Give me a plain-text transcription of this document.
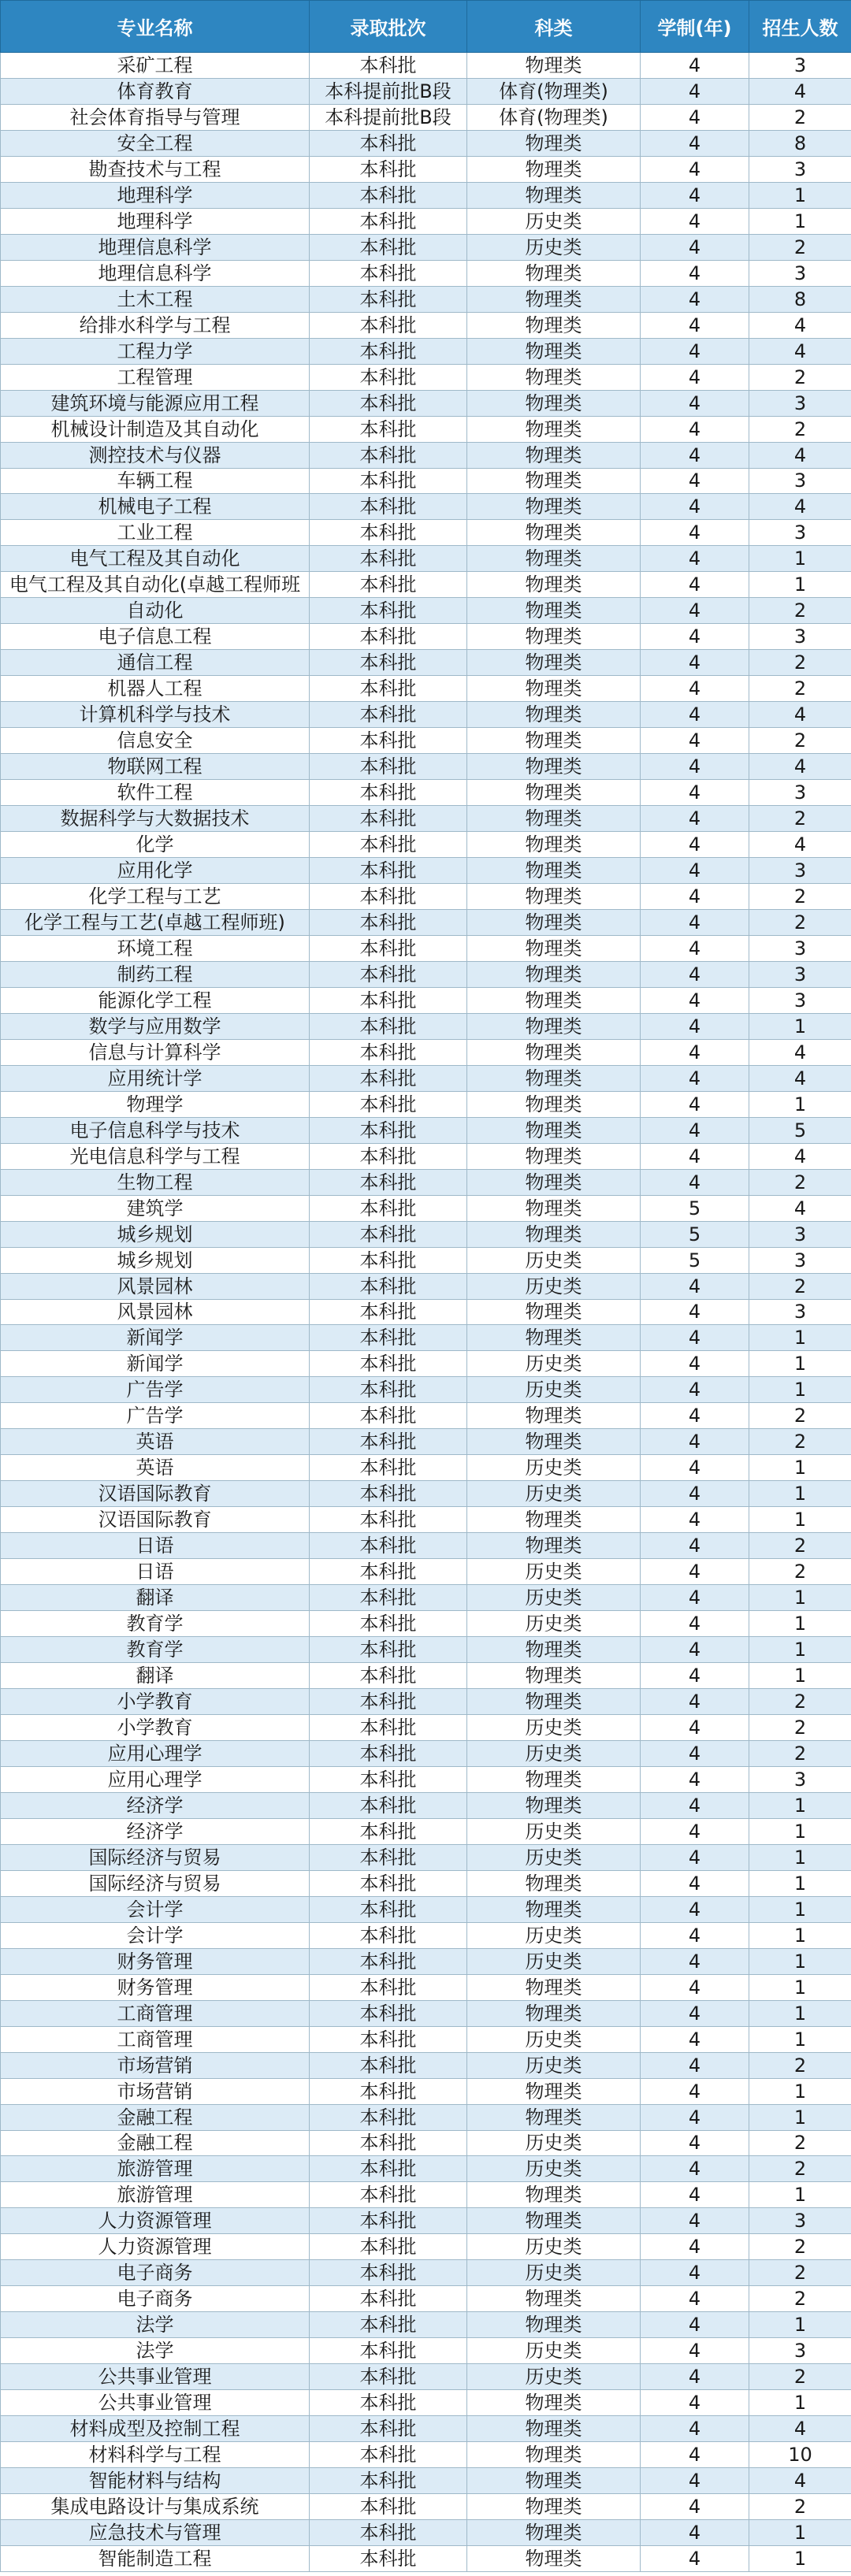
专业名称	录取批次	科类	学制(年)	招生人数
采矿工程	本科批	物理类	4	3
体育教育	本科提前批B段	体育(物理类)	4	4
社会体育指导与管理	本科提前批B段	体育(物理类)	4	2
安全工程	本科批	物理类	4	8
勘查技术与工程	本科批	物理类	4	3
地理科学	本科批	物理类	4	1
地理科学	本科批	历史类	4	1
地理信息科学	本科批	历史类	4	2
地理信息科学	本科批	物理类	4	3
土木工程	本科批	物理类	4	8
给排水科学与工程	本科批	物理类	4	4
工程力学	本科批	物理类	4	4
工程管理	本科批	物理类	4	2
建筑环境与能源应用工程	本科批	物理类	4	3
机械设计制造及其自动化	本科批	物理类	4	2
测控技术与仪器	本科批	物理类	4	4
车辆工程	本科批	物理类	4	3
机械电子工程	本科批	物理类	4	4
工业工程	本科批	物理类	4	3
电气工程及其自动化	本科批	物理类	4	1
电气工程及其自动化(卓越工程师班	本科批	物理类	4	1
自动化	本科批	物理类	4	2
电子信息工程	本科批	物理类	4	3
通信工程	本科批	物理类	4	2
机器人工程	本科批	物理类	4	2
计算机科学与技术	本科批	物理类	4	4
信息安全	本科批	物理类	4	2
物联网工程	本科批	物理类	4	4
软件工程	本科批	物理类	4	3
数据科学与大数据技术	本科批	物理类	4	2
化学	本科批	物理类	4	4
应用化学	本科批	物理类	4	3
化学工程与工艺	本科批	物理类	4	2
化学工程与工艺(卓越工程师班)	本科批	物理类	4	2
环境工程	本科批	物理类	4	3
制药工程	本科批	物理类	4	3
能源化学工程	本科批	物理类	4	3
数学与应用数学	本科批	物理类	4	1
信息与计算科学	本科批	物理类	4	4
应用统计学	本科批	物理类	4	4
物理学	本科批	物理类	4	1
电子信息科学与技术	本科批	物理类	4	5
光电信息科学与工程	本科批	物理类	4	4
生物工程	本科批	物理类	4	2
建筑学	本科批	物理类	5	4
城乡规划	本科批	物理类	5	3
城乡规划	本科批	历史类	5	3
风景园林	本科批	历史类	4	2
风景园林	本科批	物理类	4	3
新闻学	本科批	物理类	4	1
新闻学	本科批	历史类	4	1
广告学	本科批	历史类	4	1
广告学	本科批	物理类	4	2
英语	本科批	物理类	4	2
英语	本科批	历史类	4	1
汉语国际教育	本科批	历史类	4	1
汉语国际教育	本科批	物理类	4	1
日语	本科批	物理类	4	2
日语	本科批	历史类	4	2
翻译	本科批	历史类	4	1
教育学	本科批	历史类	4	1
教育学	本科批	物理类	4	1
翻译	本科批	物理类	4	1
小学教育	本科批	物理类	4	2
小学教育	本科批	历史类	4	2
应用心理学	本科批	历史类	4	2
应用心理学	本科批	物理类	4	3
经济学	本科批	物理类	4	1
经济学	本科批	历史类	4	1
国际经济与贸易	本科批	历史类	4	1
国际经济与贸易	本科批	物理类	4	1
会计学	本科批	物理类	4	1
会计学	本科批	历史类	4	1
财务管理	本科批	历史类	4	1
财务管理	本科批	物理类	4	1
工商管理	本科批	物理类	4	1
工商管理	本科批	历史类	4	1
市场营销	本科批	历史类	4	2
市场营销	本科批	物理类	4	1
金融工程	本科批	物理类	4	1
金融工程	本科批	历史类	4	2
旅游管理	本科批	历史类	4	2
旅游管理	本科批	物理类	4	1
人力资源管理	本科批	物理类	4	3
人力资源管理	本科批	历史类	4	2
电子商务	本科批	历史类	4	2
电子商务	本科批	物理类	4	2
法学	本科批	物理类	4	1
法学	本科批	历史类	4	3
公共事业管理	本科批	历史类	4	2
公共事业管理	本科批	物理类	4	1
材料成型及控制工程	本科批	物理类	4	4
材料科学与工程	本科批	物理类	4	10
智能材料与结构	本科批	物理类	4	4
集成电路设计与集成系统	本科批	物理类	4	2
应急技术与管理	本科批	物理类	4	1
智能制造工程	本科批	物理类	4	1
